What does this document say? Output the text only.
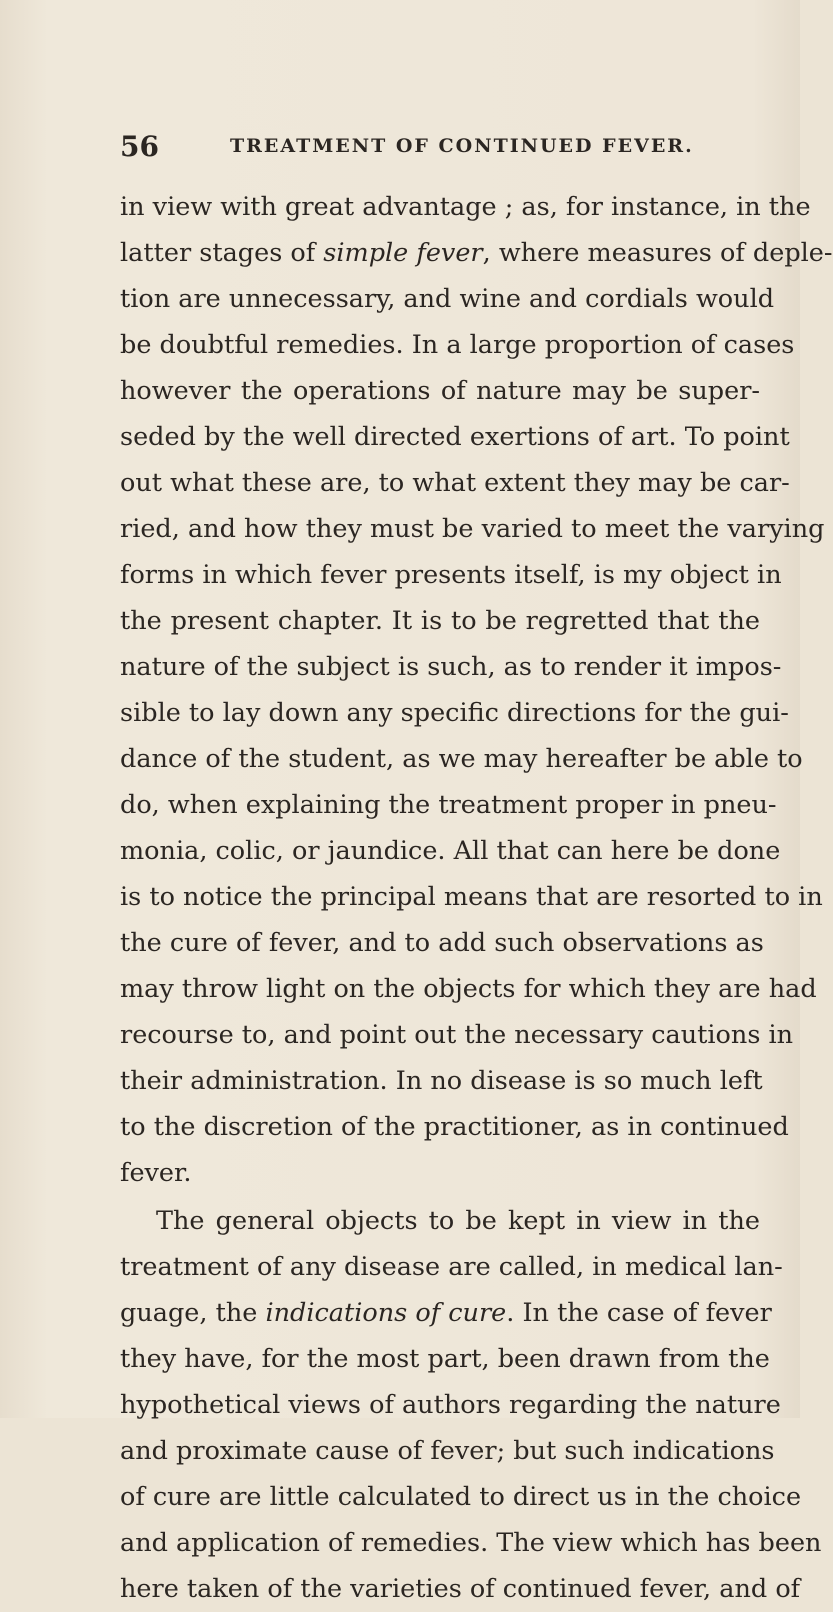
56	TREATMENT OF CONTINUED FEVER.
in view with great advantage ; as, for instance, in the
latter stages of simple fever, where measures of deple-
tion are unnecessary, and wine and cordials would
be doubtful remedies. In a large proportion of cases
however the operations of nature may be super-
seded by the well directed exertions of art. To point
out what these are, to what extent they may be car-
ried, and how they must be varied to meet the varying
forms in which fever presents itself, is my object in
the present chapter. It is to be regretted that the
nature of the subject is such, as to render it impos-
sible to lay down any specific directions for the gui-
dance of the student, as we may hereafter be able to
do, when explaining the treatment proper in pneu-
monia, colic, or jaundice. All that can here be done
is to notice the principal means that are resorted to in
the cure of fever, and to add such observations as
may throw light on the objects for which they are had
recourse to, and point out the necessary cautions in
their administration. In no disease is so much left
to the discretion of the practitioner, as in continued
fever.
The general objects to be kept in view in the
treatment of any disease are called, in medical lan-
guage, the indications of cure. In the case of fever
they have, for the most part, been drawn from the
hypothetical views of authors regarding the nature
and proximate cause of fever; but such indications
of cure are little calculated to direct us in the choice
and application of remedies. The view which has been
here taken of the varieties of continued fever, and of
